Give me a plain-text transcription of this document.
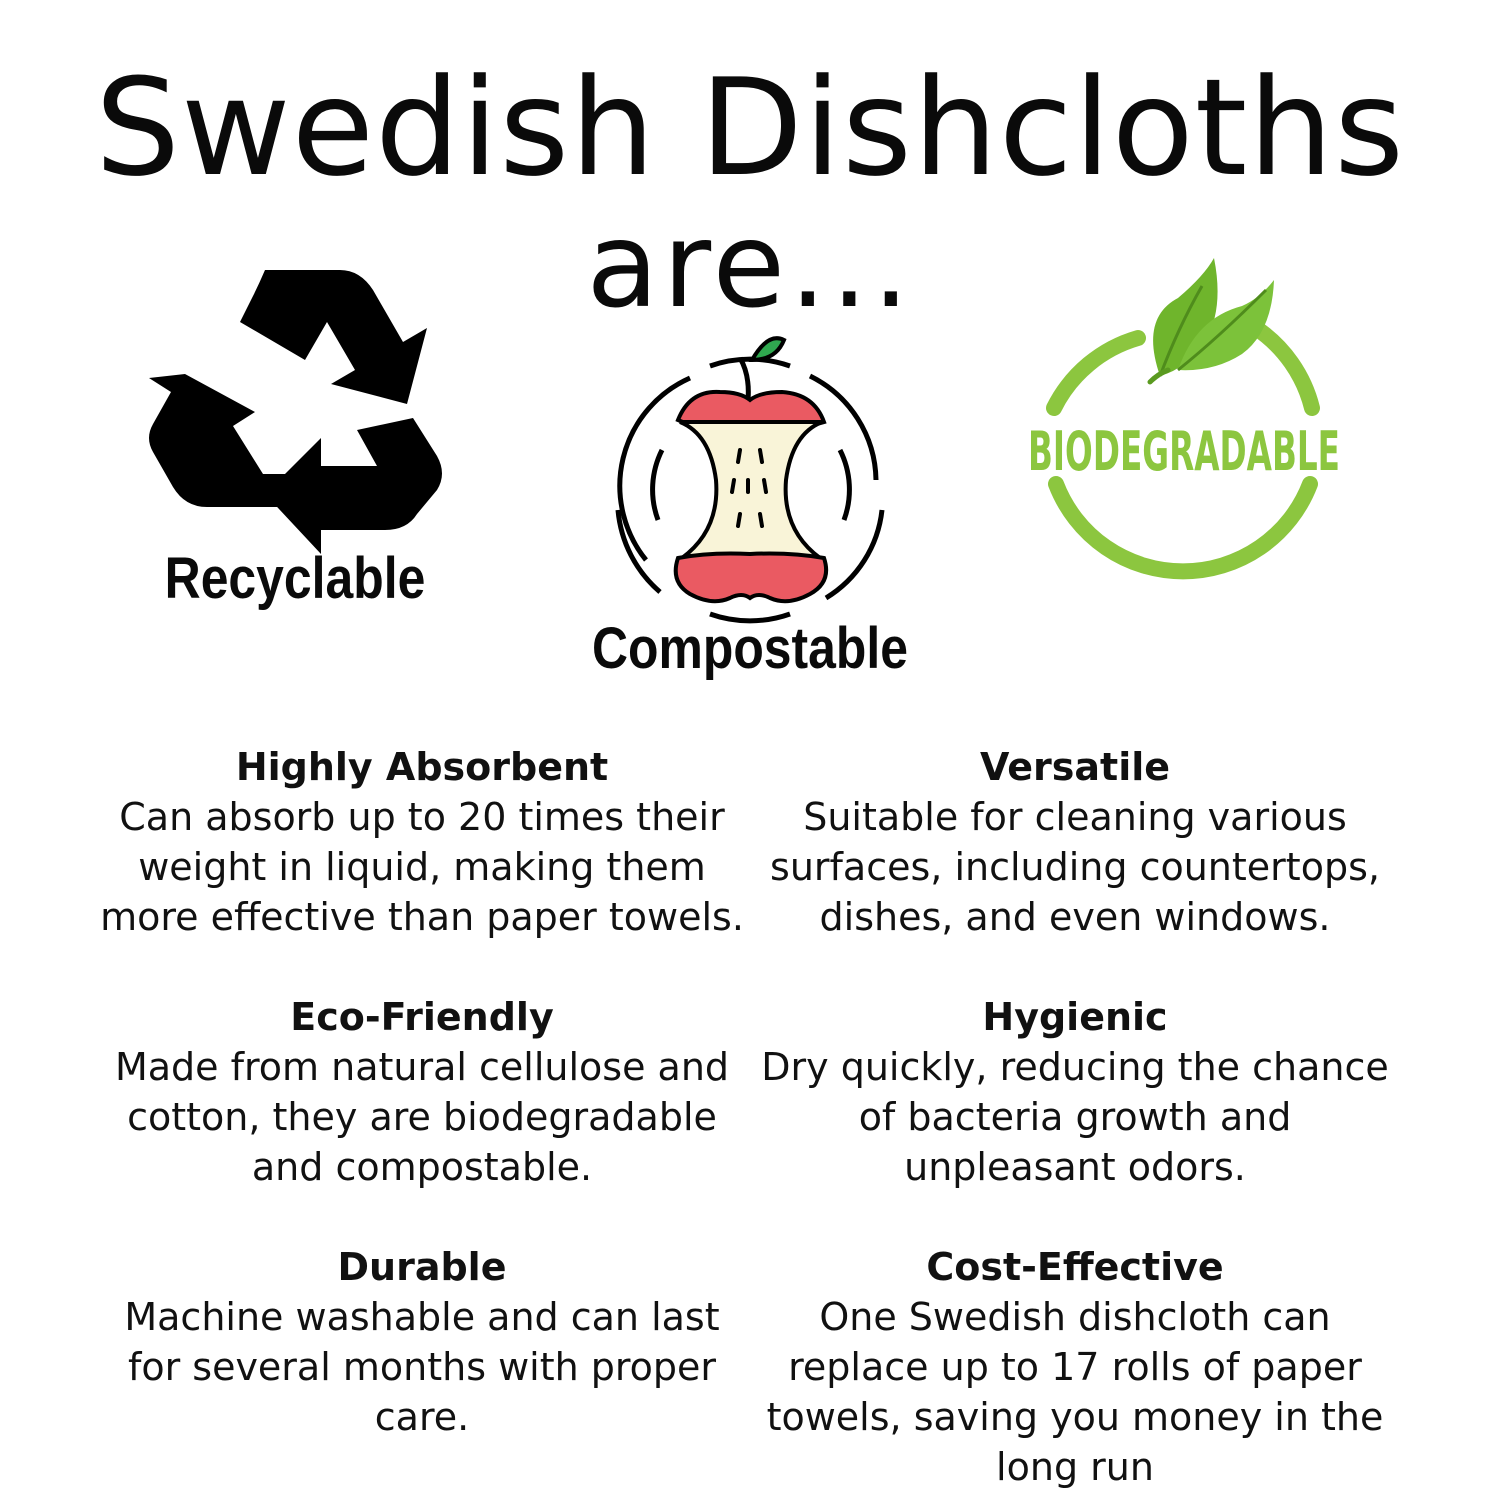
Swedish Dishcloths
are...
Recyclable
Compostable
BIODEGRADABLE
Highly Absorbent
Can absorb up to 20 times their
weight in liquid, making them
more effective than paper towels.
Versatile
Suitable for cleaning various
surfaces, including countertops,
dishes, and even windows.
Eco-Friendly
Made from natural cellulose and
cotton, they are biodegradable
and compostable.
Hygienic
Dry quickly, reducing the chance
of bacteria growth and
unpleasant odors.
Durable
Machine washable and can last
for several months with proper
care.
Cost-Effective
One Swedish dishcloth can
replace up to 17 rolls of paper
towels, saving you money in the
long run
